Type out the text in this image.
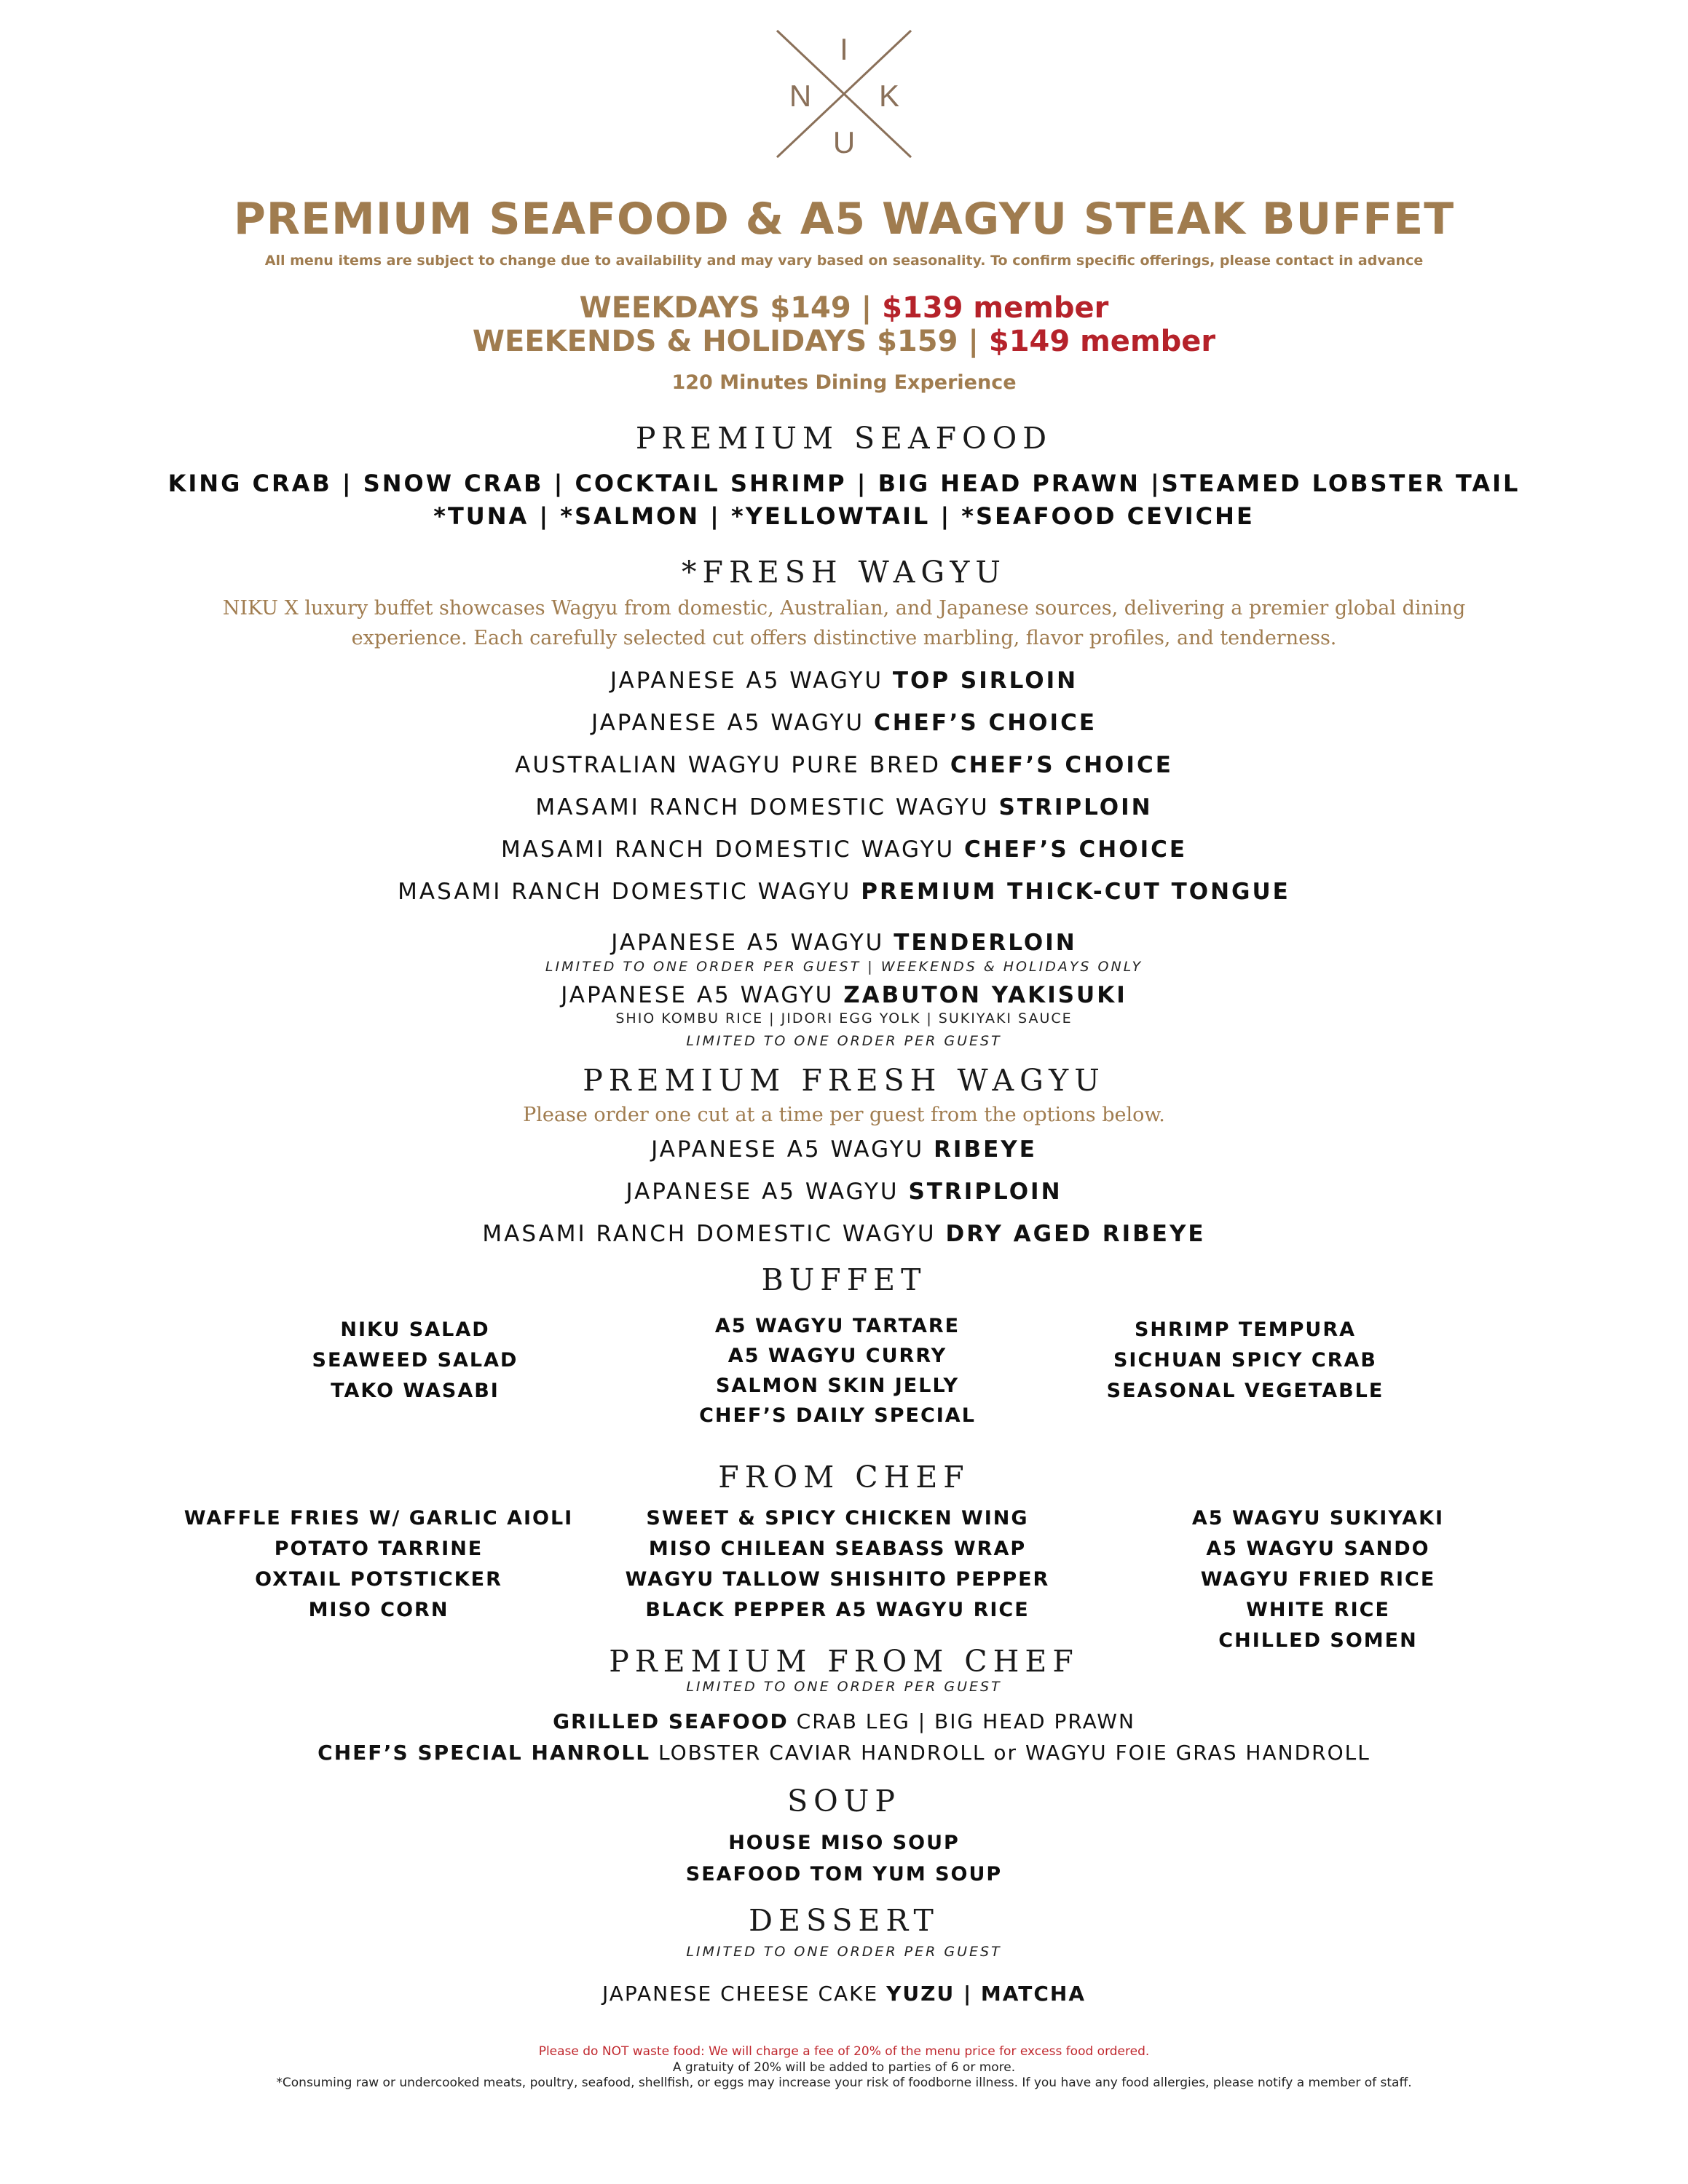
I
N K
U
PREMIUM SEAFOOD & A5 WAGYU STEAK BUFFET
All menu items are subject to change due to availability and may vary based on seasonality. To confirm specific offerings, please contact in advance
WEEKDAYS $149 | $139 member
WEEKENDS & HOLIDAYS $159 | $149 member
120 Minutes Dining Experience
PREMIUM SEAFOOD
KING CRAB | SNOW CRAB | COCKTAIL SHRIMP | BIG HEAD PRAWN |STEAMED LOBSTER TAIL
*TUNA | *SALMON | *YELLOWTAIL | *SEAFOOD CEVICHE
*FRESH WAGYU
NIKU X luxury buffet showcases Wagyu from domestic, Australian, and Japanese sources, delivering a premier global dining
experience. Each carefully selected cut offers distinctive marbling, flavor profiles, and tenderness.
JAPANESE A5 WAGYU TOP SIRLOIN
JAPANESE A5 WAGYU CHEF’S CHOICE
AUSTRALIAN WAGYU PURE BRED CHEF’S CHOICE
MASAMI RANCH DOMESTIC WAGYU STRIPLOIN
MASAMI RANCH DOMESTIC WAGYU CHEF’S CHOICE
MASAMI RANCH DOMESTIC WAGYU PREMIUM THICK-CUT TONGUE
JAPANESE A5 WAGYU TENDERLOIN
LIMITED TO ONE ORDER PER GUEST | WEEKENDS & HOLIDAYS ONLY
JAPANESE A5 WAGYU ZABUTON YAKISUKI
SHIO KOMBU RICE | JIDORI EGG YOLK | SUKIYAKI SAUCE
LIMITED TO ONE ORDER PER GUEST
PREMIUM FRESH WAGYU
Please order one cut at a time per guest from the options below.
JAPANESE A5 WAGYU RIBEYE
JAPANESE A5 WAGYU STRIPLOIN
MASAMI RANCH DOMESTIC WAGYU DRY AGED RIBEYE
BUFFET
NIKU SALAD
SEAWEED SALAD
TAKO WASABI
A5 WAGYU TARTARE
A5 WAGYU CURRY
SALMON SKIN JELLY
CHEF’S DAILY SPECIAL
SHRIMP TEMPURA
SICHUAN SPICY CRAB
SEASONAL VEGETABLE
FROM CHEF
WAFFLE FRIES W/ GARLIC AIOLI
POTATO TARRINE
OXTAIL POTSTICKER
MISO CORN
SWEET & SPICY CHICKEN WING
MISO CHILEAN SEABASS WRAP
WAGYU TALLOW SHISHITO PEPPER
BLACK PEPPER A5 WAGYU RICE
A5 WAGYU SUKIYAKI
A5 WAGYU SANDO
WAGYU FRIED RICE
WHITE RICE
CHILLED SOMEN
PREMIUM FROM CHEF
LIMITED TO ONE ORDER PER GUEST
GRILLED SEAFOOD CRAB LEG | BIG HEAD PRAWN
CHEF’S SPECIAL HANROLL LOBSTER CAVIAR HANDROLL or WAGYU FOIE GRAS HANDROLL
SOUP
HOUSE MISO SOUP
SEAFOOD TOM YUM SOUP
DESSERT
LIMITED TO ONE ORDER PER GUEST
JAPANESE CHEESE CAKE YUZU | MATCHA
Please do NOT waste food: We will charge a fee of 20% of the menu price for excess food ordered.
A gratuity of 20% will be added to parties of 6 or more.
*Consuming raw or undercooked meats, poultry, seafood, shellfish, or eggs may increase your risk of foodborne illness. If you have any food allergies, please notify a member of staff.
